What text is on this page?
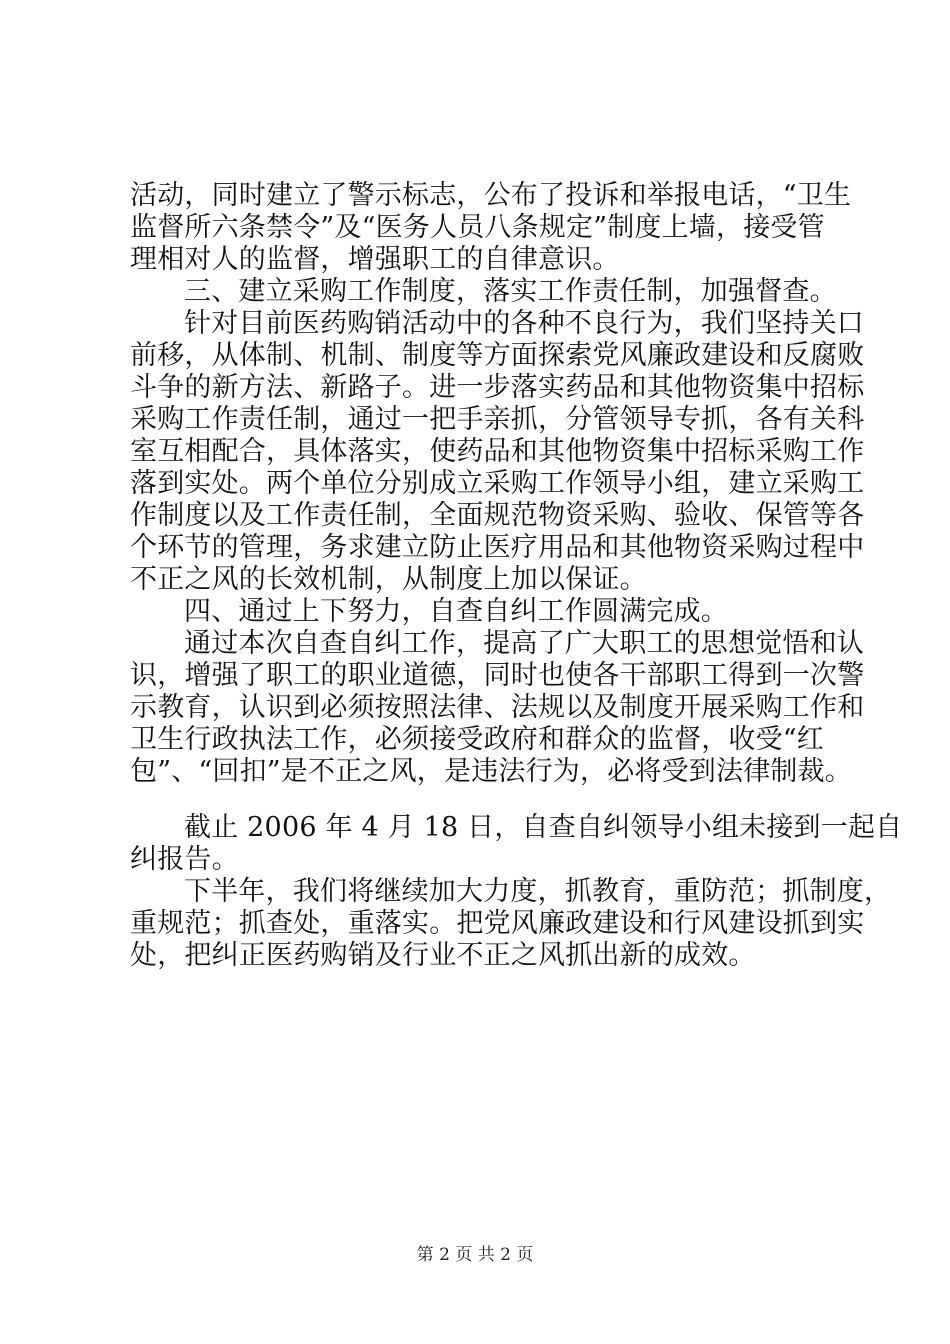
活动，同时建立了警示标志，公布了投诉和举报电话，“卫生
监督所六条禁令”及“医务人员八条规定”制度上墙，接受管
理相对人的监督，增强职工的自律意识。
三、建立采购工作制度，落实工作责任制，加强督查。
针对目前医药购销活动中的各种不良行为，我们坚持关口
前移，从体制、机制、制度等方面探索党风廉政建设和反腐败
斗争的新方法、新路子。进一步落实药品和其他物资集中招标
采购工作责任制，通过一把手亲抓，分管领导专抓，各有关科
室互相配合，具体落实，使药品和其他物资集中招标采购工作
落到实处。两个单位分别成立采购工作领导小组，建立采购工
作制度以及工作责任制，全面规范物资采购、验收、保管等各
个环节的管理，务求建立防止医疗用品和其他物资采购过程中
不正之风的长效机制，从制度上加以保证。
四、通过上下努力，自查自纠工作圆满完成。
通过本次自查自纠工作，提高了广大职工的思想觉悟和认
识，增强了职工的职业道德，同时也使各干部职工得到一次警
示教育，认识到必须按照法律、法规以及制度开展采购工作和
卫生行政执法工作，必须接受政府和群众的监督，收受“红
包”、“回扣”是不正之风，是违法行为，必将受到法律制裁。
截止 2006 年 4 月 18 日，自查自纠领导小组未接到一起自
纠报告。
下半年，我们将继续加大力度，抓教育，重防范；抓制度，
重规范；抓查处，重落实。把党风廉政建设和行风建设抓到实
处，把纠正医药购销及行业不正之风抓出新的成效。
第 2 页 共 2 页
